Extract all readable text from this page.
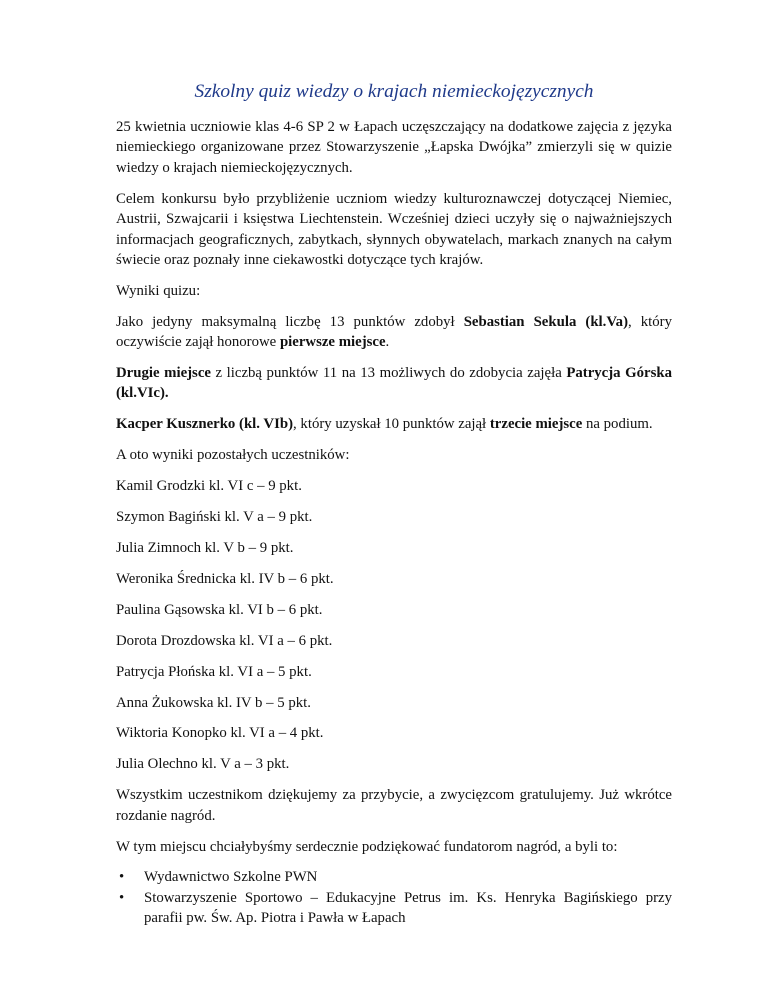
Szkolny quiz wiedzy o krajach niemieckojęzycznych

25 kwietnia uczniowie klas 4-6 SP 2 w Łapach uczęszczający na dodatkowe zajęcia z języka niemieckiego organizowane przez Stowarzyszenie „Łapska Dwójka” zmierzyli się w quizie wiedzy o krajach niemieckojęzycznych.

Celem konkursu było przybliżenie uczniom wiedzy kulturoznawczej dotyczącej Niemiec, Austrii, Szwajcarii i księstwa Liechtenstein. Wcześniej dzieci uczyły się o najważniejszych informacjach geograficznych, zabytkach, słynnych obywatelach, markach znanych na całym świecie oraz poznały inne ciekawostki dotyczące tych krajów.

Wyniki quizu:

Jako jedyny maksymalną liczbę 13 punktów zdobył Sebastian Sekula (kl.Va), który oczywiście zajął honorowe pierwsze miejsce.

Drugie miejsce z liczbą punktów 11 na 13 możliwych do zdobycia zajęła Patrycja Górska (kl.VIc).

Kacper Kusznerko (kl. VIb), który uzyskał 10 punktów zajął trzecie miejsce na podium.

A oto wyniki pozostałych uczestników:

Kamil Grodzki kl. VI c – 9 pkt.

Szymon Bagiński kl. V a – 9 pkt.

Julia Zimnoch kl. V b – 9 pkt.

Weronika Średnicka kl. IV b – 6 pkt.

Paulina Gąsowska kl. VI b – 6 pkt.

Dorota Drozdowska kl. VI a – 6 pkt.

Patrycja Płońska kl. VI a – 5 pkt.

Anna Żukowska kl. IV b – 5 pkt.

Wiktoria Konopko kl. VI a – 4 pkt.

Julia Olechno kl. V a – 3 pkt.

Wszystkim uczestnikom dziękujemy za przybycie, a zwycięzcom gratulujemy. Już wkrótce rozdanie nagród.

W tym miejscu chciałybyśmy serdecznie podziękować fundatorom nagród, a byli to:

• Wydawnictwo Szkolne PWN
• Stowarzyszenie Sportowo – Edukacyjne Petrus im. Ks. Henryka Bagińskiego przy parafii pw. Św. Ap. Piotra i Pawła w Łapach
